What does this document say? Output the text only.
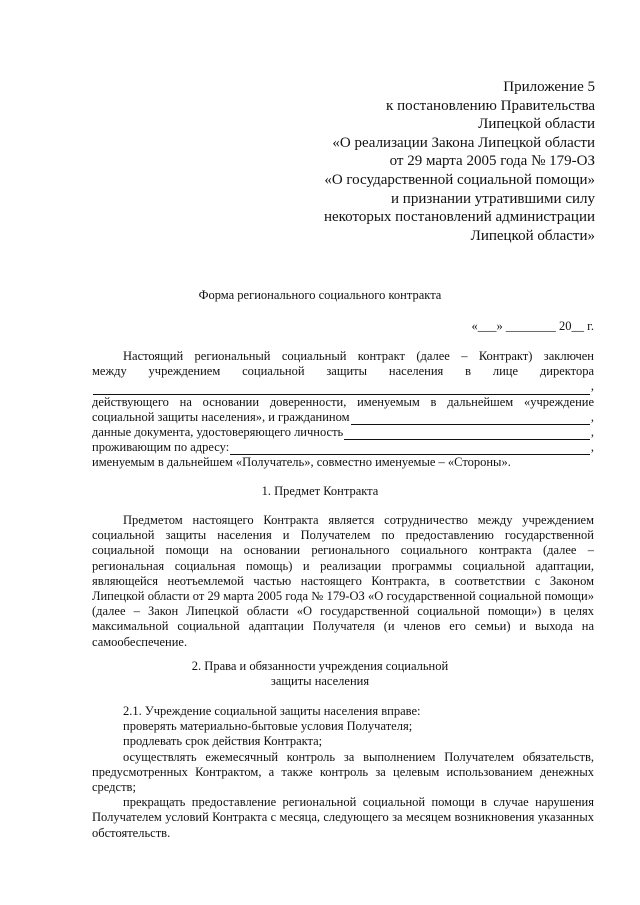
Приложение 5
к постановлению Правительства
Липецкой области
«О реализации Закона Липецкой области
от 29 марта 2005 года № 179-ОЗ
«О государственной социальной помощи»
и признании утратившими силу
некоторых постановлений администрации
Липецкой области»
Форма регионального социального контракта
«___» ________ 20__ г.
Настоящий региональный социальный контракт (далее – Контракт) заключен
между учреждением социальной защиты населения в лице директора
,
действующего на основании доверенности, именуемым в дальнейшем «учреждение
социальной защиты населения», и гражданином	,
данные документа, удостоверяющего личность	,
проживающим по адресу:	,
именуемым в дальнейшем «Получатель», совместно именуемые – «Стороны».
1. Предмет Контракта
Предметом настоящего Контракта является сотрудничество между учреждением социальной защиты населения и Получателем по предоставлению государственной социальной помощи на основании регионального социального контракта (далее – региональная социальная помощь) и реализации программы социальной адаптации, являющейся неотъемлемой частью настоящего Контракта, в соответствии с Законом Липецкой области от 29 марта 2005 года № 179-ОЗ «О государственной социальной помощи» (далее – Закон Липецкой области «О государственной социальной помощи») в целях максимальной социальной адаптации Получателя (и членов его семьи) и выхода на самообеспечение.
2. Права и обязанности учреждения социальной
защиты населения
2.1. Учреждение социальной защиты населения вправе:
проверять материально-бытовые условия Получателя;
продлевать срок действия Контракта;
осуществлять ежемесячный контроль за выполнением Получателем обязательств, предусмотренных Контрактом, а также контроль за целевым использованием денежных средств;
прекращать предоставление региональной социальной помощи в случае нарушения Получателем условий Контракта с месяца, следующего за месяцем возникновения указанных обстоятельств.
